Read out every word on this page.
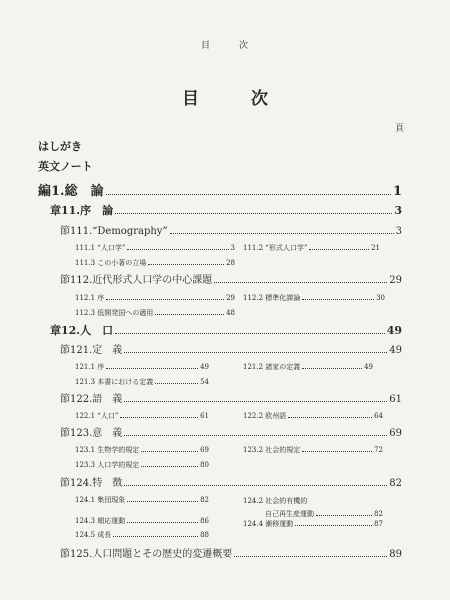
目	次
目	次
頁
はしがき
英文ノート
編1.総　論	1
章11.序　論	3
節111.“Demography”	3
111.1 “人口学”	3 111.2 “形式人口学”	21
111.3 この小著の立場	28
節112.近代形式人口学の中心課題	29
112.1 序	29 112.2 標準化課論	30
112.3 低開発国への適用	48
章12.人　口	49
節121.定　義	49
121.1 序	49	121.2 諸家の定義	49
121.3 本書における定義	54
節122.語　義	61
122.1 “人口”	61	122.2 欧州語	64
節123.意　義	69
123.1 生物学的規定	69	123.2 社会的規定	72
123.3 人口学的規定	80
節124.特　徴	82
124.1 集団現象	82	124.2 社会的有機的
自己再生産運動	82
124.3 順応運動	86	124.4 漸移運動	87
124.5 成長	88
節125.人口問題とその歴史的変遷概要	89
